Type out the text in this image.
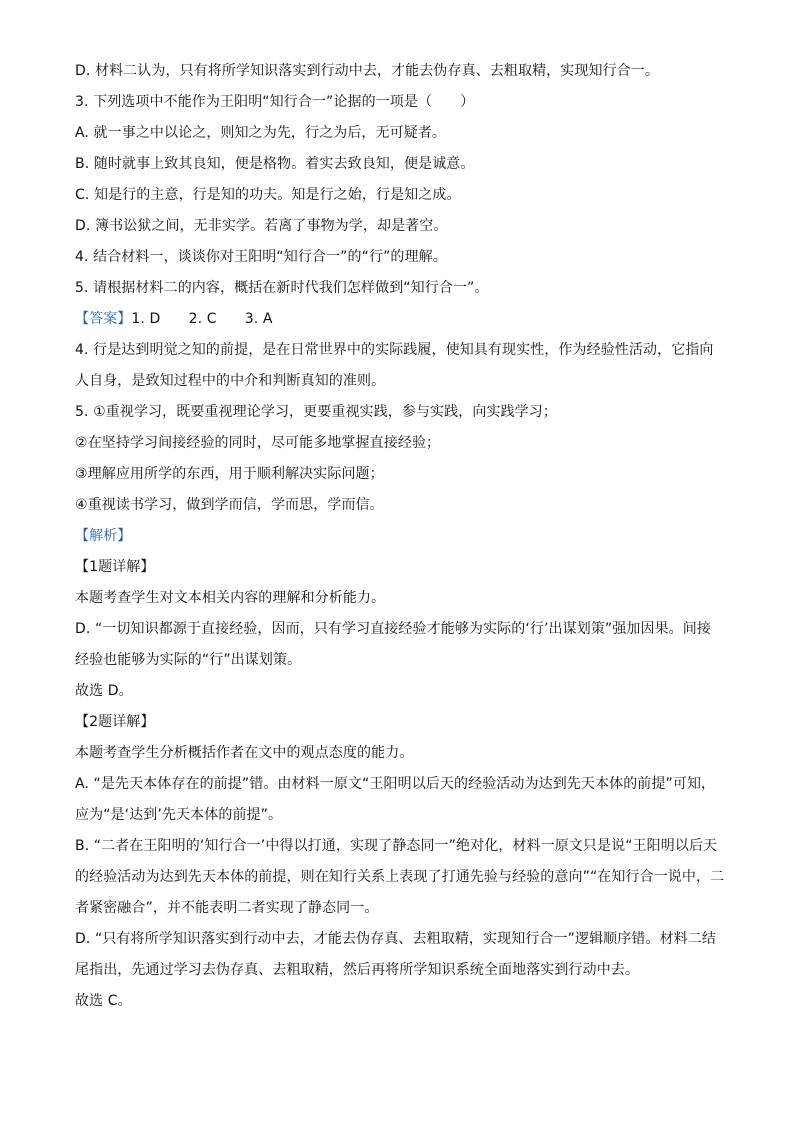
D. 材料二认为，只有将所学知识落实到行动中去，才能去伪存真、去粗取精，实现知行合一。
3. 下列选项中不能作为王阳明“知行合一”论据的一项是（　　）
A. 就一事之中以论之，则知之为先，行之为后，无可疑者。
B. 随时就事上致其良知，便是格物。着实去致良知，便是诚意。
C. 知是行的主意，行是知的功夫。知是行之始，行是知之成。
D. 簿书讼狱之间，无非实学。若离了事物为学，却是著空。
4. 结合材料一，谈谈你对王阳明“知行合一”的“行”的理解。
5. 请根据材料二的内容，概括在新时代我们怎样做到“知行合一”。
【答案】1. D　　2. C　　3. A
4. 行是达到明觉之知的前提，是在日常世界中的实际践履，使知具有现实性，作为经验性活动，它指向人自身，是致知过程中的中介和判断真知的准则。
5. ①重视学习，既要重视理论学习，更要重视实践，参与实践，向实践学习；
②在坚持学习间接经验的同时，尽可能多地掌握直接经验；
③理解应用所学的东西，用于顺利解决实际问题；
④重视读书学习，做到学而信，学而思，学而信。
【解析】
【1题详解】
本题考查学生对文本相关内容的理解和分析能力。
D. “一切知识都源于直接经验，因而，只有学习直接经验才能够为实际的‘行’出谋划策”强加因果。间接经验也能够为实际的“行”出谋划策。
故选 D。
【2题详解】
本题考查学生分析概括作者在文中的观点态度的能力。
A. “是先天本体存在的前提”错。由材料一原文“王阳明以后天的经验活动为达到先天本体的前提”可知，应为“是‘达到’先天本体的前提”。
B. “二者在王阳明的‘知行合一’中得以打通，实现了静态同一”绝对化，材料一原文只是说“王阳明以后天的经验活动为达到先天本体的前提，则在知行关系上表现了打通先验与经验的意向”“在知行合一说中，二者紧密融合”，并不能表明二者实现了静态同一。
D. “只有将所学知识落实到行动中去，才能去伪存真、去粗取精，实现知行合一”逻辑顺序错。材料二结尾指出，先通过学习去伪存真、去粗取精，然后再将所学知识系统全面地落实到行动中去。
故选 C。
